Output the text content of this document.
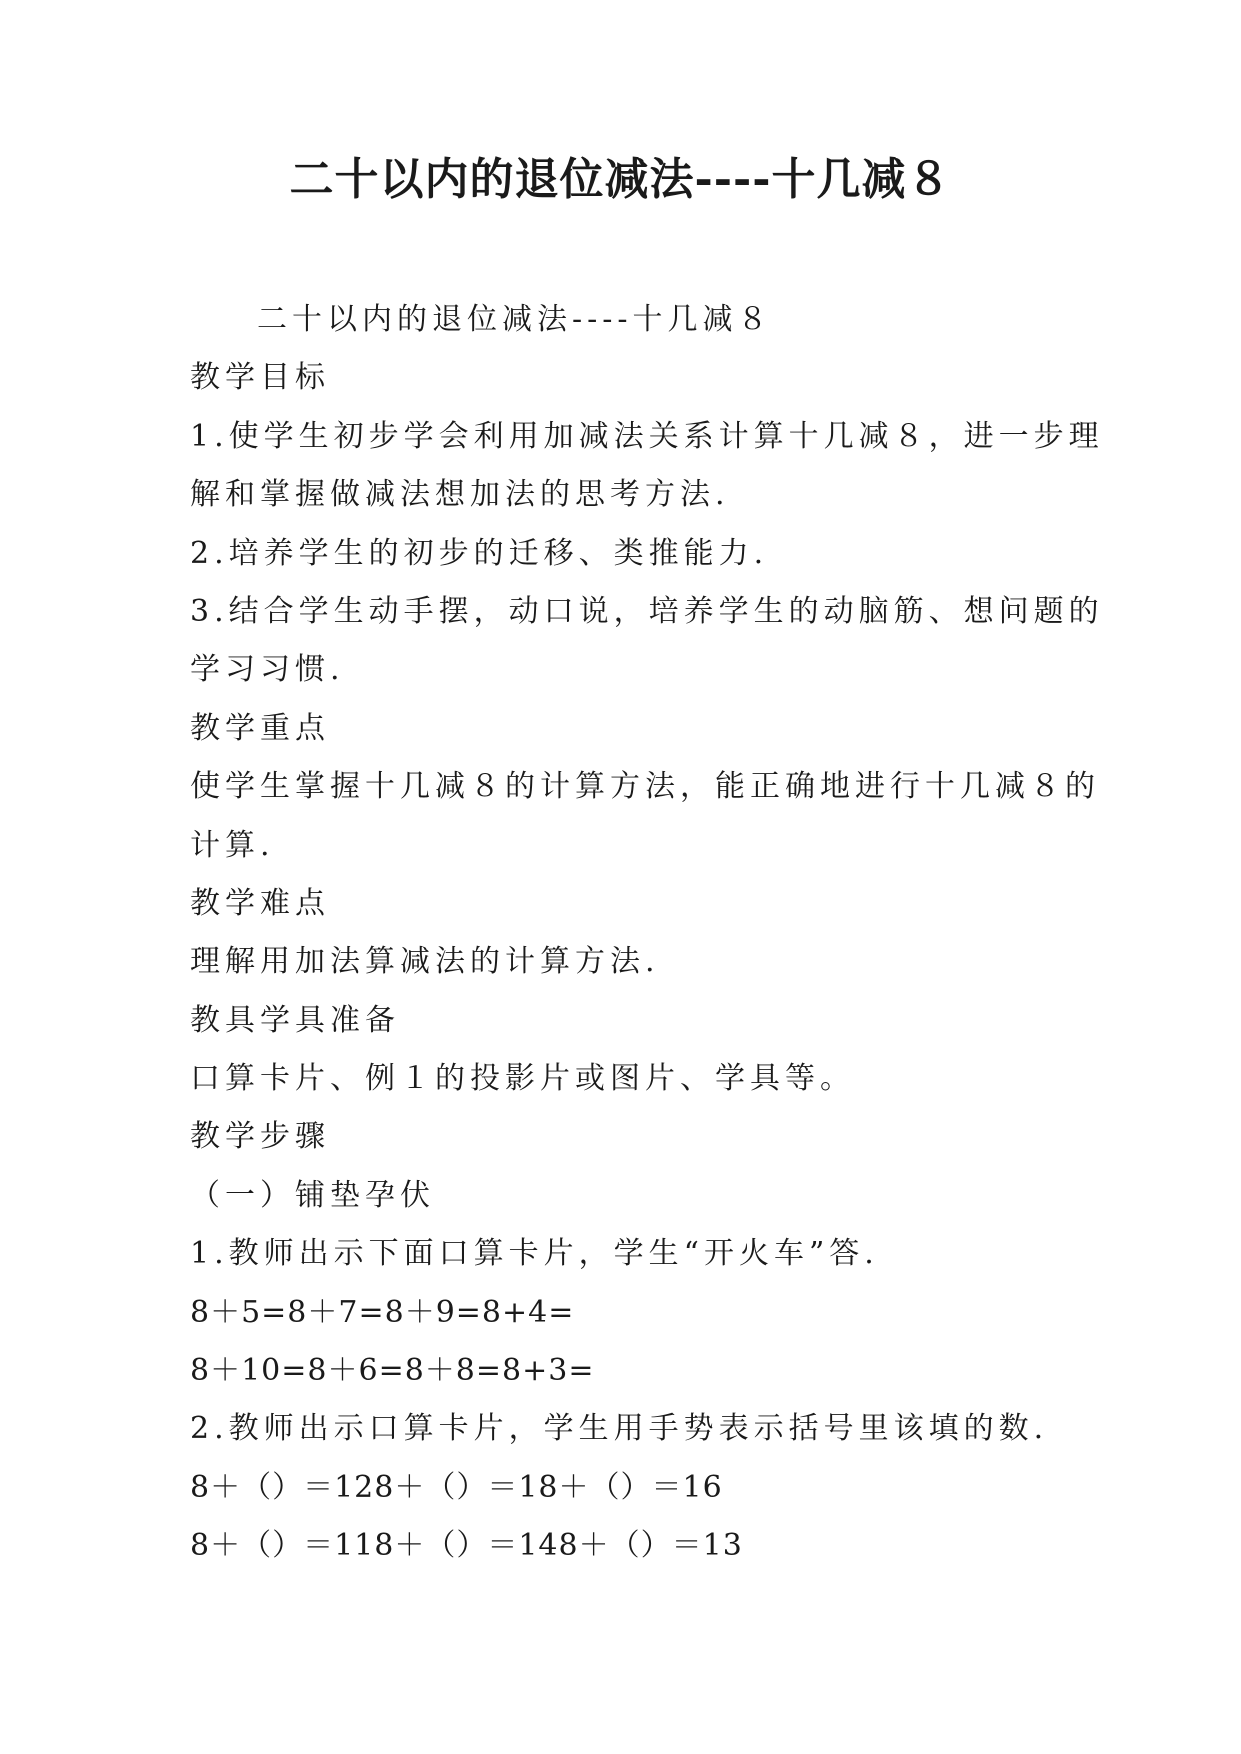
二十以内的退位减法----十几减８
二十以内的退位减法----十几减８
教学目标
1.使学生初步学会利用加减法关系计算十几减８，进一步理
解和掌握做减法想加法的思考方法.
2.培养学生的初步的迁移、类推能力.
3.结合学生动手摆，动口说，培养学生的动脑筋、想问题的
学习习惯.
教学重点
使学生掌握十几减８的计算方法，能正确地进行十几减８的
计算.
教学难点
理解用加法算减法的计算方法.
教具学具准备
口算卡片、例１的投影片或图片、学具等。
教学步骤
（一）铺垫孕伏
1.教师出示下面口算卡片，学生“开火车”答.
8＋5=8＋7=8＋9=8+4=
8＋10=8＋6=8＋8=8+3=
2.教师出示口算卡片，学生用手势表示括号里该填的数.
8＋（）＝128＋（）＝18＋（）＝16
8＋（）＝118＋（）＝148＋（）＝13
